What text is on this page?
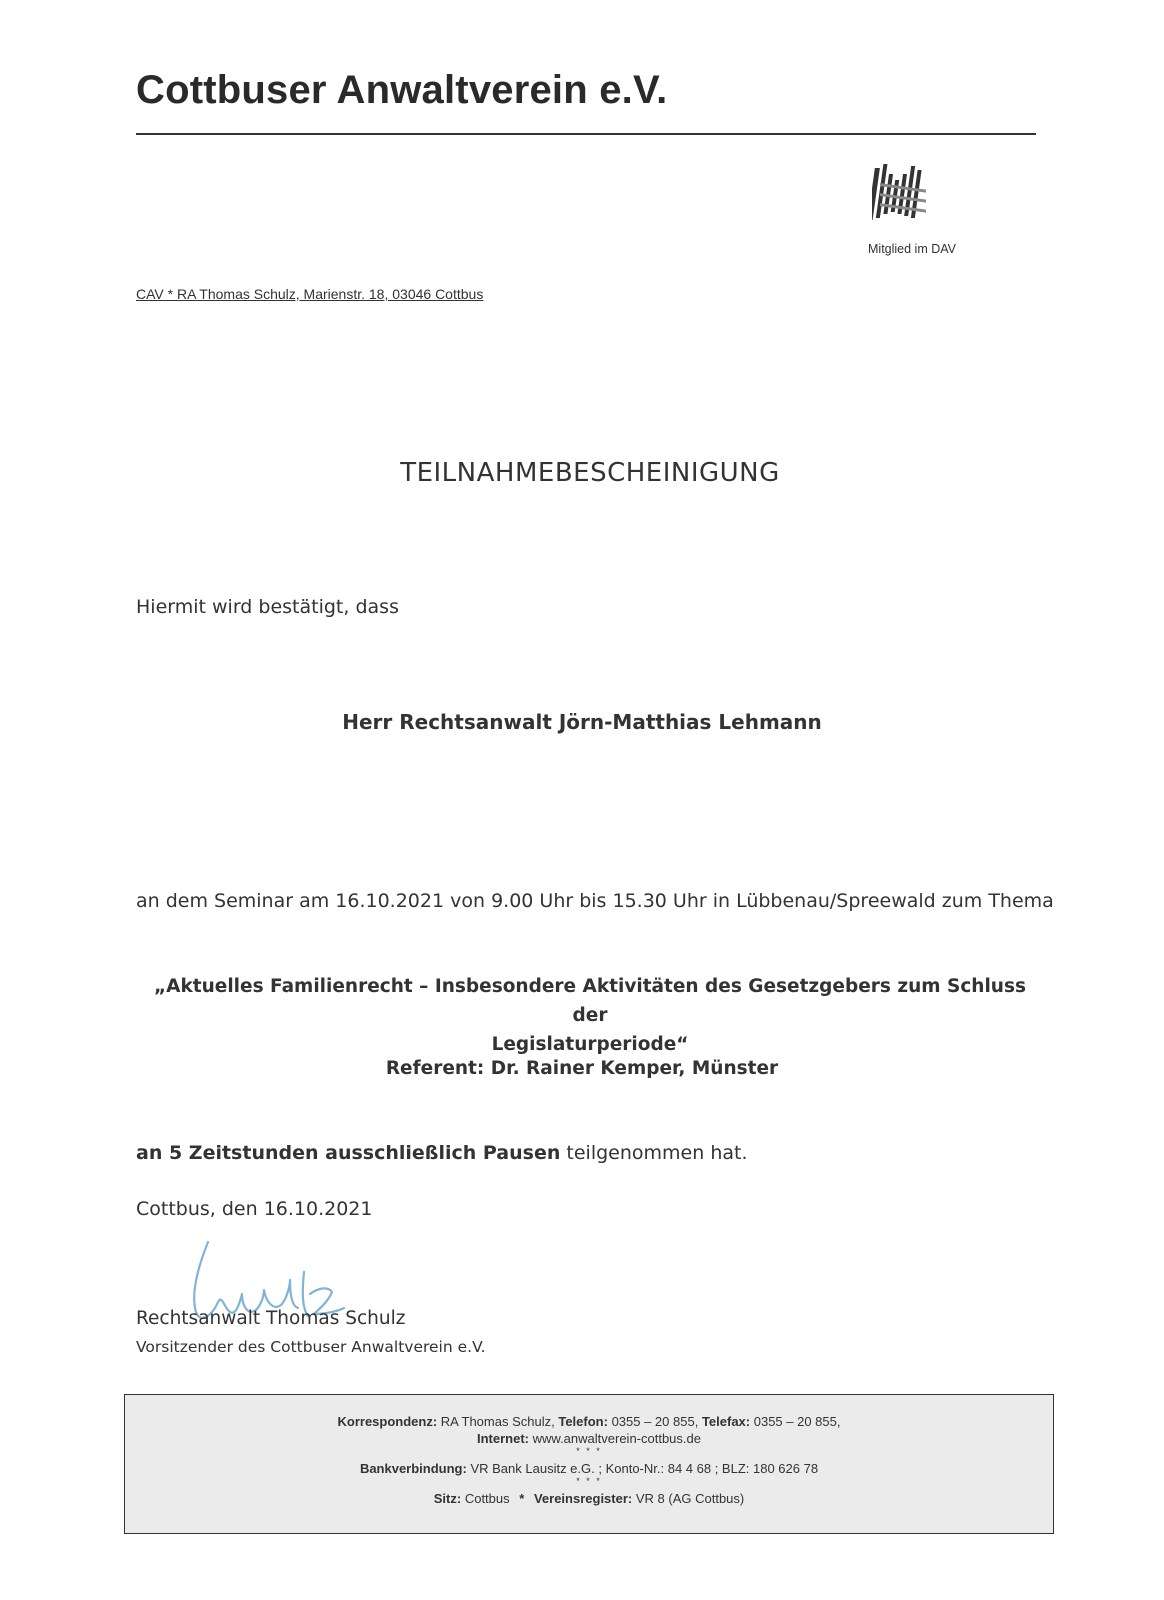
Cottbuser Anwaltverein e.V.
Mitglied im DAV
CAV * RA Thomas Schulz, Marienstr. 18, 03046 Cottbus
TEILNAHMEBESCHEINIGUNG
Hiermit wird bestätigt, dass
Herr Rechtsanwalt Jörn-Matthias Lehmann
an dem Seminar am 16.10.2021 von 9.00 Uhr bis 15.30 Uhr in Lübbenau/Spreewald zum Thema
„Aktuelles Familienrecht – Insbesondere Aktivitäten des Gesetzgebers zum Schluss der
Legislaturperiode“
Referent: Dr. Rainer Kemper, Münster
an 5 Zeitstunden ausschließlich Pausen teilgenommen hat.
Cottbus, den 16.10.2021
Rechtsanwalt Thomas Schulz
Vorsitzender des Cottbuser Anwaltverein e.V.
Korrespondenz: RA Thomas Schulz, Telefon: 0355 – 20 855, Telefax: 0355 – 20 855,
Internet: www.anwaltverein-cottbus.de
* * *
Bankverbindung: VR Bank Lausitz e.G. ; Konto-Nr.: 84 4 68 ; BLZ: 180 626 78
* * *
Sitz: Cottbus * Vereinsregister: VR 8 (AG Cottbus)
